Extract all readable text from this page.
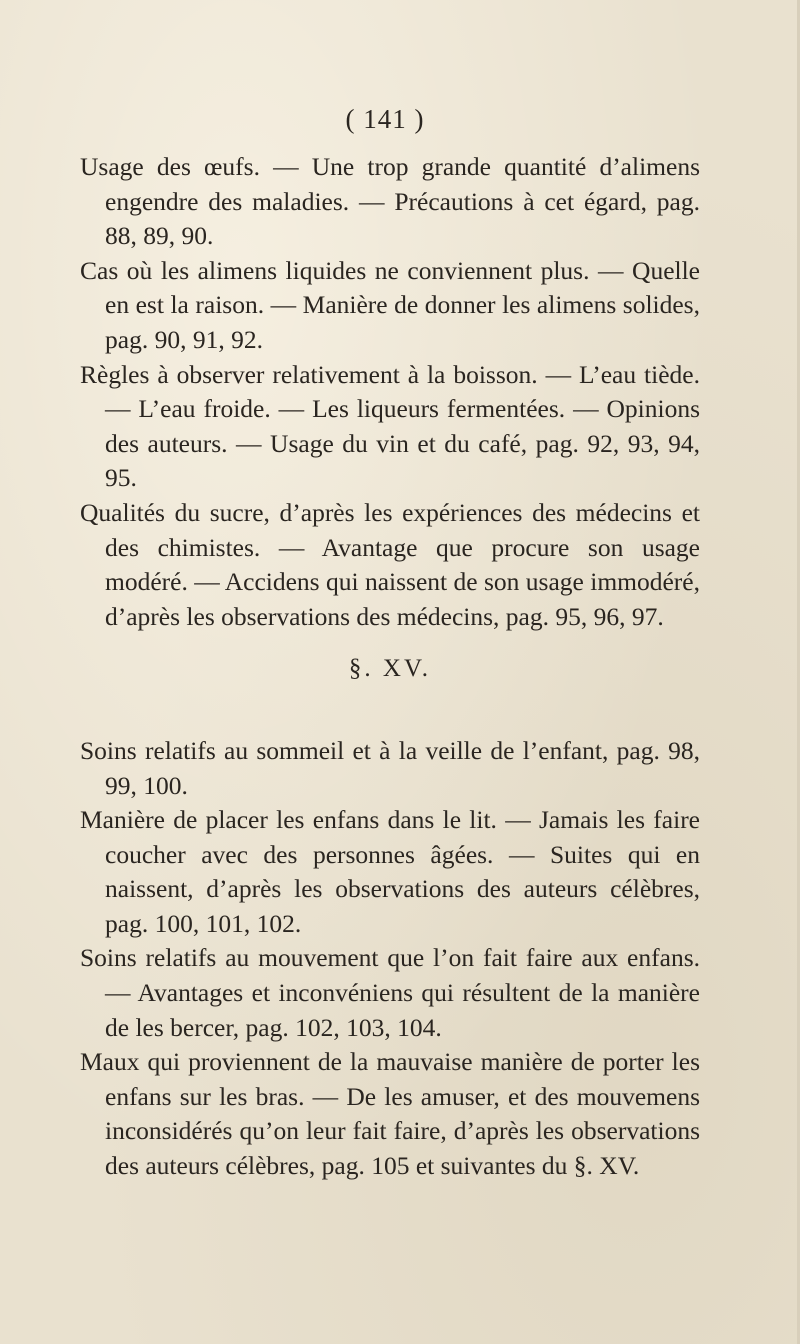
( 141 )

Usage des œufs. — Une trop grande quantité d’alimens engendre des maladies. — Précautions à cet égard, pag. 88, 89, 90.

Cas où les alimens liquides ne conviennent plus. — Quelle en est la raison. — Manière de donner les alimens solides, pag. 90, 91, 92.

Règles à observer relativement à la boisson. — L’eau tiède. — L’eau froide. — Les liqueurs fermentées. — Opinions des auteurs. — Usage du vin et du café, pag. 92, 93, 94, 95.

Qualités du sucre, d’après les expériences des médecins et des chimistes. — Avantage que procure son usage modéré. — Accidens qui naissent de son usage immodéré, d’après les observations des médecins, pag. 95, 96, 97.

§. XV.

Soins relatifs au sommeil et à la veille de l’enfant, pag. 98, 99, 100.

Manière de placer les enfans dans le lit. — Jamais les faire coucher avec des personnes âgées. — Suites qui en naissent, d’après les observations des auteurs célèbres, pag. 100, 101, 102.

Soins relatifs au mouvement que l’on fait faire aux enfans. — Avantages et inconvéniens qui résultent de la manière de les bercer, pag. 102, 103, 104.

Maux qui proviennent de la mauvaise manière de porter les enfans sur les bras. — De les amuser, et des mouvemens inconsidérés qu’on leur fait faire, d’après les observations des auteurs célèbres, pag. 105 et suivantes du §. XV.
